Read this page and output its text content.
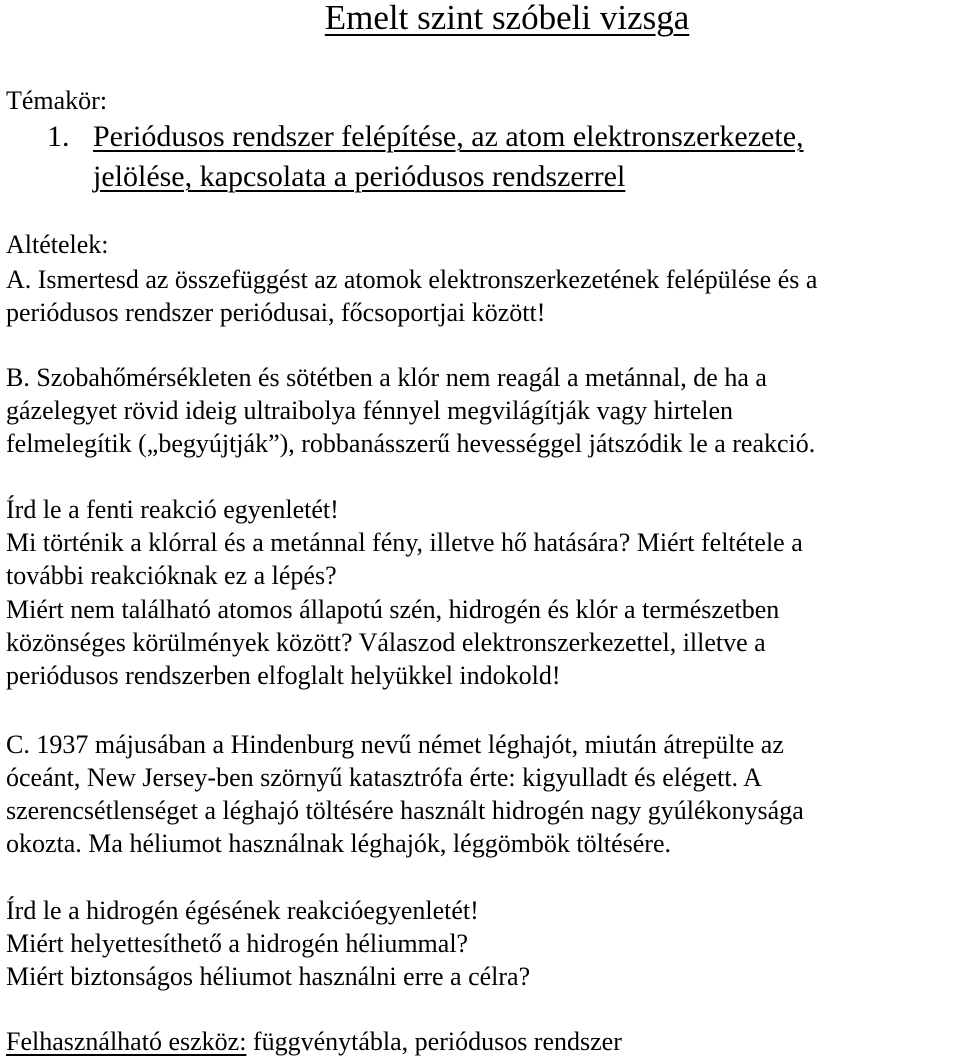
Emelt szint szóbeli vizsga

Témakör:

1. Periódusos rendszer felépítése, az atom elektronszerkezete,

jelölése, kapcsolata a periódusos rendszerrel

Altételek:

A. Ismertesd az összefüggést az atomok elektronszerkezetének felépülése és a

periódusos rendszer periódusai, főcsoportjai között!

B. Szobahőmérsékleten és sötétben a klór nem reagál a metánnal, de ha a

gázelegyet rövid ideig ultraibolya fénnyel megvilágítják vagy hirtelen

felmelegítik („begyújtják”), robbanásszerű hevességgel játszódik le a reakció.

Írd le a fenti reakció egyenletét!

Mi történik a klórral és a metánnal fény, illetve hő hatására? Miért feltétele a

további reakcióknak ez a lépés?

Miért nem található atomos állapotú szén, hidrogén és klór a természetben

közönséges körülmények között? Válaszod elektronszerkezettel, illetve a

periódusos rendszerben elfoglalt helyükkel indokold!

C. 1937 májusában a Hindenburg nevű német léghajót, miután átrepülte az

óceánt, New Jersey-ben szörnyű katasztrófa érte: kigyulladt és elégett. A

szerencsétlenséget a léghajó töltésére használt hidrogén nagy gyúlékonysága

okozta. Ma héliumot használnak léghajók, léggömbök töltésére.

Írd le a hidrogén égésének reakcióegyenletét!

Miért helyettesíthető a hidrogén héliummal?

Miért biztonságos héliumot használni erre a célra?

Felhasználható eszköz: függvénytábla, periódusos rendszer
